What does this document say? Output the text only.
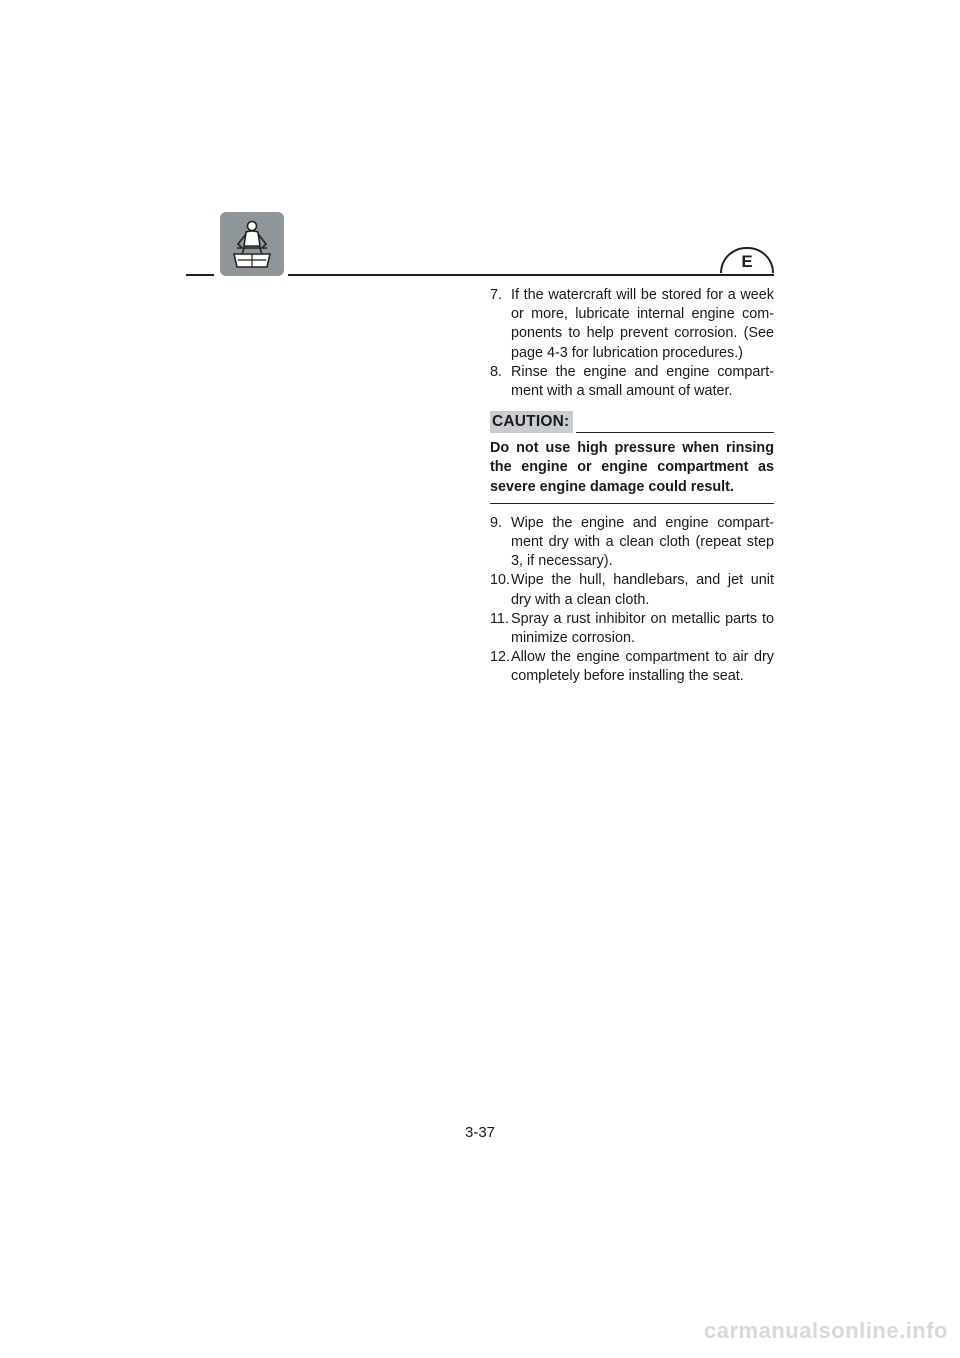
E
7. If the watercraft will be stored for a week or more, lubricate internal engine com-ponents to help prevent corrosion. (See page 4-3 for lubrication procedures.)
8. Rinse the engine and engine compart-ment with a small amount of water.
CAUTION:
Do not use high pressure when rinsing the engine or engine compartment as severe engine damage could result.
9. Wipe the engine and engine compart-ment dry with a clean cloth (repeat step 3, if necessary).
10. Wipe the hull, handlebars, and jet unit dry with a clean cloth.
11. Spray a rust inhibitor on metallic parts to minimize corrosion.
12. Allow the engine compartment to air dry completely before installing the seat.
3-37
carmanualsonline.info
